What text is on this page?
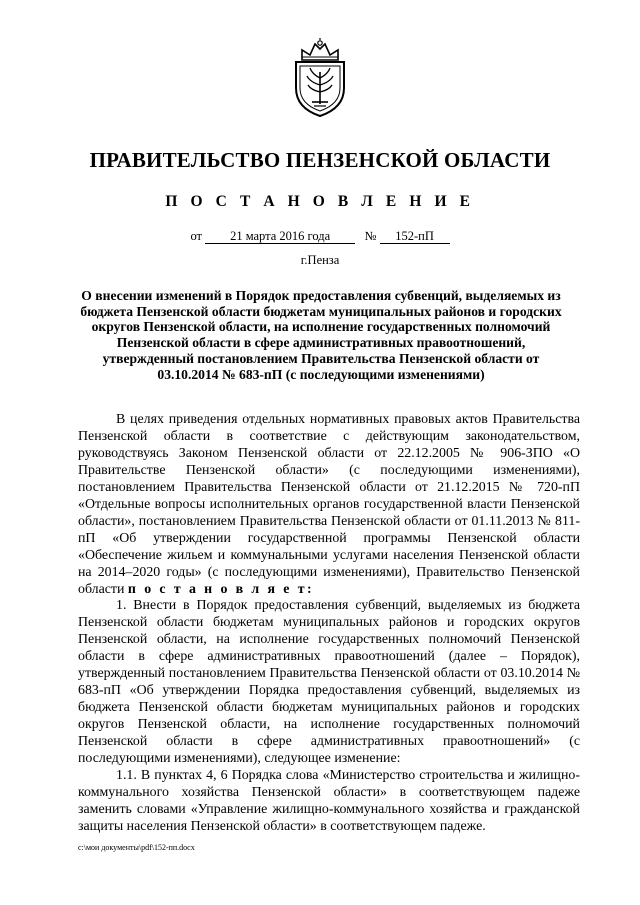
ПРАВИТЕЛЬСТВО ПЕНЗЕНСКОЙ ОБЛАСТИ
П О С Т А Н О В Л Е Н И Е
от 21 марта 2016 года	№ 152-пП
г.Пенза
О внесении изменений в Порядок предоставления субвенций, выделяемых из бюджета Пензенской области бюджетам муниципальных районов и городских округов Пензенской области, на исполнение государственных полномочий Пензенской области в сфере административных правоотношений, утвержденный постановлением Правительства Пензенской области от 03.10.2014 № 683-пП (с последующими изменениями)

В целях приведения отдельных нормативных правовых актов Правительства Пензенской области в соответствие с действующим законодательством, руководствуясь Законом Пензенской области от 22.12.2005 № 906-ЗПО «О Правительстве Пензенской области» (с последующими изменениями), постановлением Правительства Пензенской области от 21.12.2015 № 720-пП «Отдельные вопросы исполнительных органов государственной власти Пензенской области», постановлением Правительства Пензенской области от 01.11.2013 № 811-пП «Об утверждении государственной программы Пензенской области «Обеспечение жильем и коммунальными услугами населения Пензенской области на 2014–2020 годы» (с последующими изменениями), Правительство Пензенской области п о с т а н о в л я е т:

1. Внести в Порядок предоставления субвенций, выделяемых из бюджета Пензенской области бюджетам муниципальных районов и городских округов Пензенской области, на исполнение государственных полномочий Пензенской области в сфере административных правоотношений (далее – Порядок), утвержденный постановлением Правительства Пензенской области от 03.10.2014 № 683-пП «Об утверждении Порядка предоставления субвенций, выделяемых из бюджета Пензенской области бюджетам муниципальных районов и городских округов Пензенской области, на исполнение государственных полномочий Пензенской области в сфере административных правоотношений» (с последующими изменениями), следующее изменение:

1.1. В пунктах 4, 6 Порядка слова «Министерство строительства и жилищно-коммунального хозяйства Пензенской области» в соответствующем падеже заменить словами «Управление жилищно-коммунального хозяйства и гражданской защиты населения Пензенской области» в соответствующем падеже.

c:\мои документы\pdf\152-пп.docx
